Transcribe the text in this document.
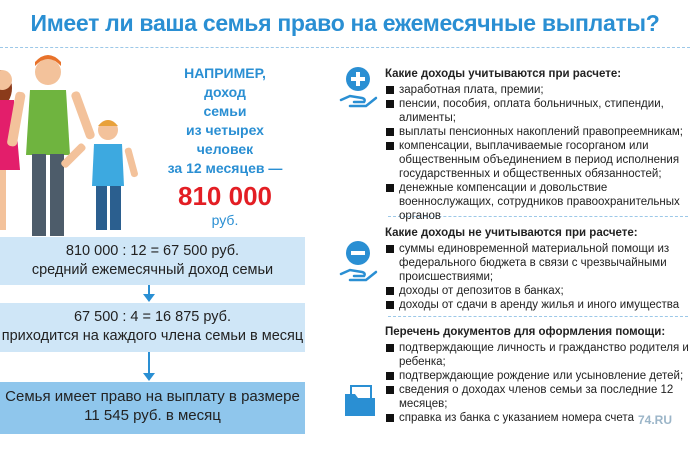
Имеет ли ваша семья право на ежемесячные выплаты?
НАПРИМЕР,
доход
семьи
из четырех
человек
за 12 месяцев —
810 000
руб.
810 000 : 12 = 67 500 руб.
средний ежемесячный доход семьи
67 500 : 4 = 16 875 руб.
приходится на каждого члена семьи в месяц
Семья имеет право на выплату в размере
11 545 руб. в месяц
Какие доходы учитываются при расчете:
заработная плата, премии;
пенсии, пособия, оплата больничных, стипендии, алименты;
выплаты пенсионных накоплений правопреемникам;
компенсации, выплачиваемые госорганом или общественным объединением в период исполнения государственных и общественных обязанностей;
денежные компенсации и довольствие военнослужащих, сотрудников правоохранительных органов
Какие доходы не учитываются при расчете:
суммы единовременной материальной помощи из федерального бюджета в связи с чрезвычайными происшествиями;
доходы от депозитов в банках;
доходы от сдачи в аренду жилья и иного имущества
Перечень документов для оформления помощи:
подтверждающие личность и гражданство родителя и ребенка;
подтверждающие рождение или усыновление детей;
сведения о доходах членов семьи за последние 12 месяцев;
справка из банка с указанием номера счета 74.RU
